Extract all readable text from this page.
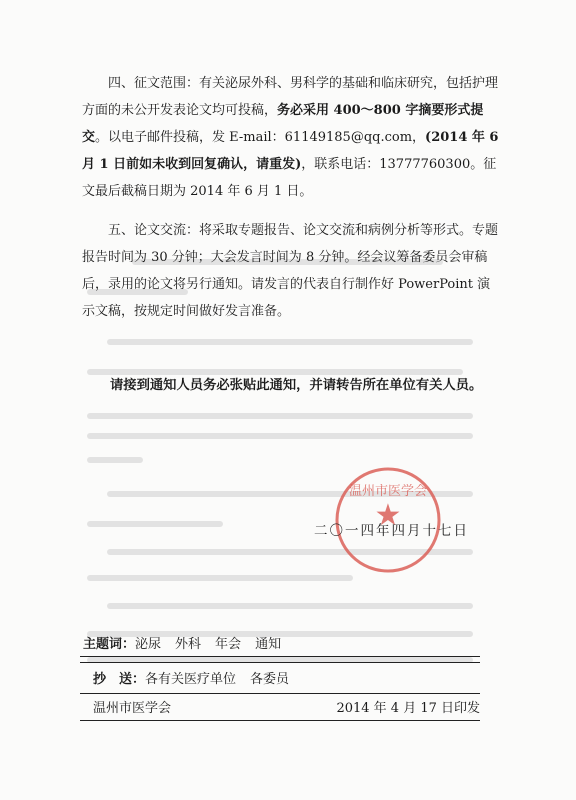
四、征文范围：有关泌尿外科、男科学的基础和临床研究，包括护理方面的未公开发表论文均可投稿，务必采用 400～800 字摘要形式提交。以电子邮件投稿，发 E-mail：61149185@qq.com，(2014 年 6 月 1 日前如未收到回复确认，请重发)，联系电话：13777760300。征文最后截稿日期为 2014 年 6 月 1 日。
五、论文交流：将采取专题报告、论文交流和病例分析等形式。专题报告时间为 30 分钟；大会发言时间为 8 分钟。经会议筹备委员会审稿后，录用的论文将另行通知。请发言的代表自行制作好 PowerPoint 演示文稿，按规定时间做好发言准备。
请接到通知人员务必张贴此通知，并请转告所在单位有关人员。
★
温州市医学会
二〇一四年四月十七日
主题词：泌尿 外科 年会 通知
抄　送：各有关医疗单位 各委员
温州市医学会	2014 年 4 月 17 日印发
